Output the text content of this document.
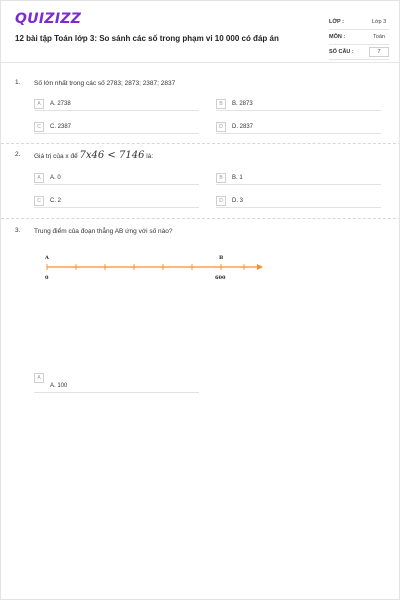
QUIZIZZ
12 bài tập Toán lớp 3: So sánh các số trong phạm vi 10 000 có đáp án
LỚP :	Lớp 3
MÔN :	Toán
SỐ CÂU :	7
1. Số lớn nhất trong các số 2783; 2873; 2387; 2837
A	A. 2738	B	B. 2873
C	C. 2387	D	D. 2837
2. Giá trị của x để 7x46 < 7146 là:
A	A. 0	B	B. 1
C	C. 2	D	D. 3
3. Trung điểm của đoạn thẳng AB ứng với số nào?
A	B
0	600
A
A. 100
